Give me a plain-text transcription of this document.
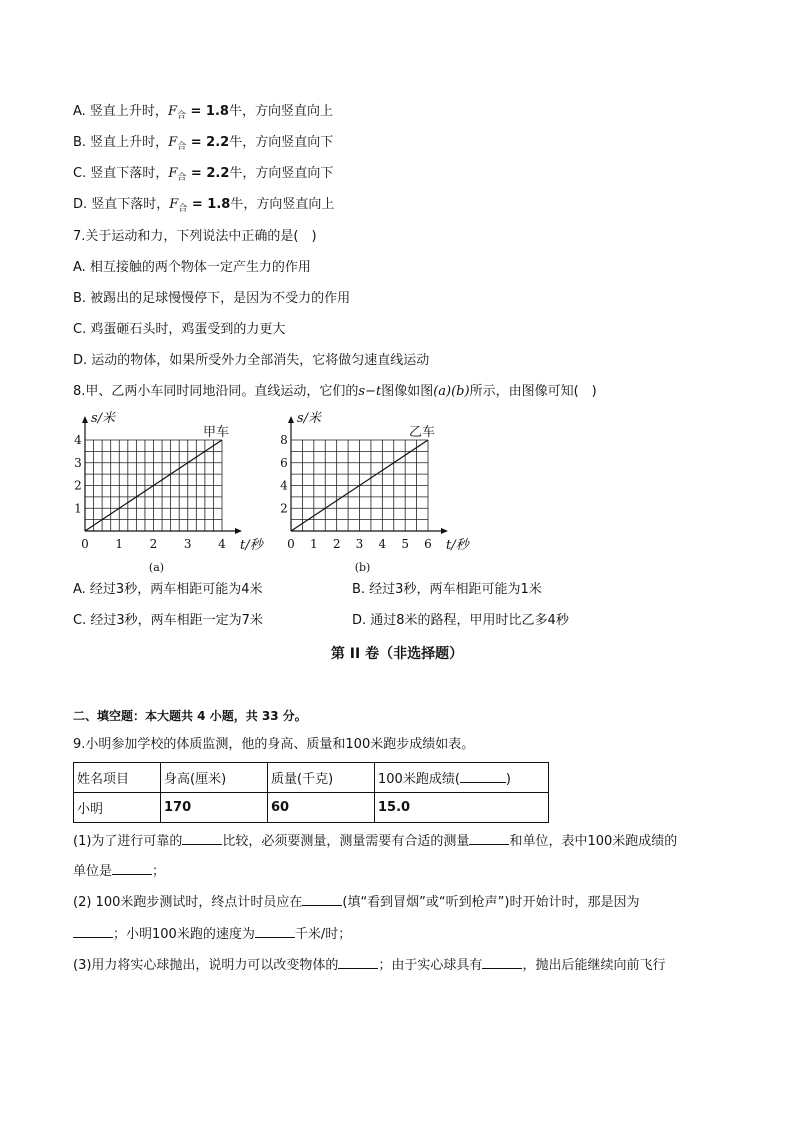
A. 竖直上升时，$F_合 = 1.8$牛，方向竖直向上
B. 竖直上升时，$F_合 = 2.2$牛，方向竖直向下
C. 竖直下落时，$F_合 = 2.2$牛，方向竖直向下
D. 竖直下落时，$F_合 = 1.8$牛，方向竖直向上
7.关于运动和力，下列说法中正确的是(　)
A. 相互接触的两个物体一定产生力的作用
B. 被踢出的足球慢慢停下，是因为不受力的作用
C. 鸡蛋砸石头时，鸡蛋受到的力更大
D. 运动的物体，如果所受外力全部消失，它将做匀速直线运动
8.甲、乙两小车同时同地沿同。直线运动，它们的s−t图像如图(a)(b)所示，由图像可知(　)
0 1 2 3 4
1
2
3
4
s/米
t/秒
甲车
(a)
0 1 2 3 4 5 6
2
4
6
8
s/米
t/秒
乙车
(b)
A. 经过3秒，两车相距可能为4米	B. 经过3秒，两车相距可能为1米
C. 经过3秒，两车相距一定为7米	D. 通过8米的路程，甲用时比乙多4秒
第 II 卷（非选择题）
二、填空题：本大题共 4 小题，共 33 分。
9.小明参加学校的体质监测，他的身高、质量和100米跑步成绩如表。
姓名项目	身高(厘米)	质量(千克)	100米跑成绩( )
小明	170	60	15.0
(1)为了进行可靠的	比较，必须要测量，测量需要有合适的测量	和单位，表中100米跑成绩的
单位是	；
(2) 100米跑步测试时，终点计时员应在	(填“看到冒烟”或“听到枪声”)时开始计时，那是因为
；小明100米跑的速度为	千米/时；
(3)用力将实心球抛出，说明力可以改变物体的	；由于实心球具有	，抛出后能继续向前飞行
